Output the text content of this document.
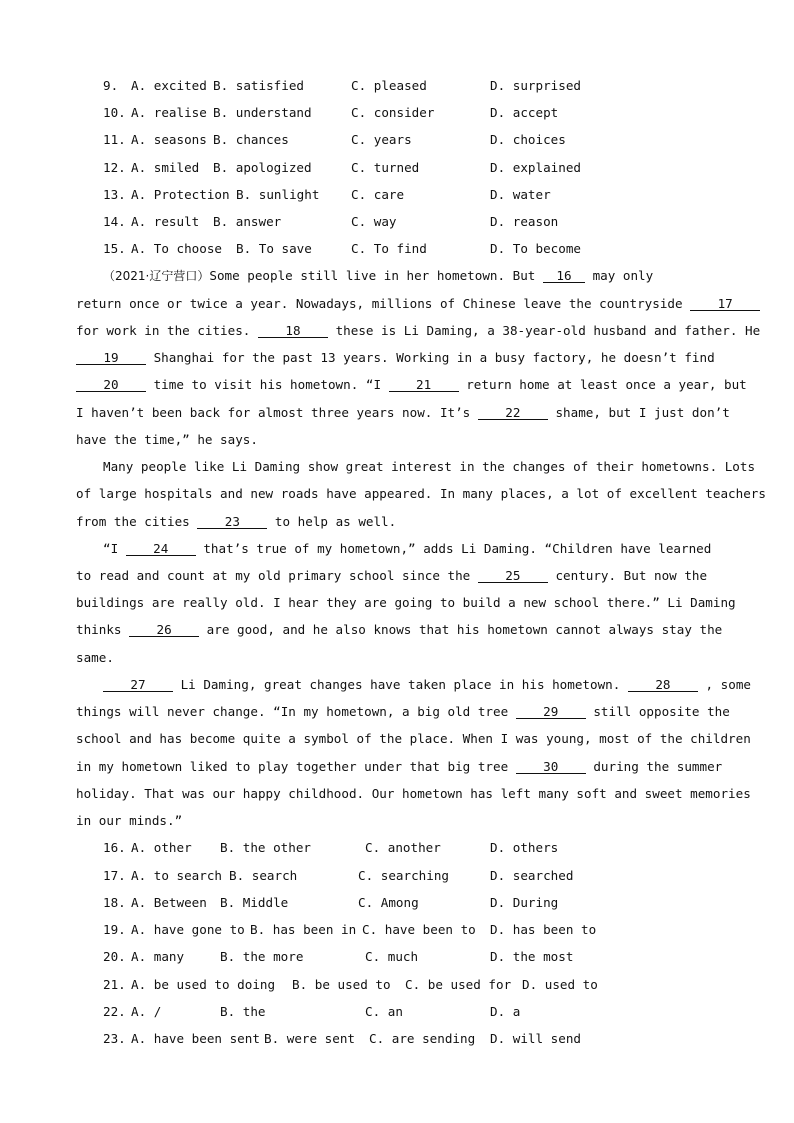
9. A. excited B. satisfied	C. pleased	D. surprised
10. A. realise B. understand	C. consider	D. accept
11. A. seasons B. chances	C. years	D. choices
12. A. smiled B. apologized	C. turned	D. explained
13. A. Protection B. sunlight	C. care	D. water
14. A. result B. answer	C. way	D. reason
15. A. To choose B. To save	C. To find	D. To become
（2021·辽宁营口）Some people still live in her hometown. But 16 may only
return once or twice a year. Nowadays, millions of Chinese leave the countryside 17
for work in the cities. 18 these is Li Daming, a 38-year-old husband and father. He
19 Shanghai for the past 13 years. Working in a busy factory, he doesn’t find
20 time to visit his hometown. “I 21 return home at least once a year, but
I haven’t been back for almost three years now. It’s 22 shame, but I just don’t
have the time,” he says.
Many people like Li Daming show great interest in the changes of their hometowns. Lots
of large hospitals and new roads have appeared. In many places, a lot of excellent teachers
from the cities 23 to help as well.
“I 24 that’s true of my hometown,” adds Li Daming. “Children have learned
to read and count at my old primary school since the 25 century. But now the
buildings are really old. I hear they are going to build a new school there.” Li Daming
thinks 26 are good, and he also knows that his hometown cannot always stay the
same.
27 Li Daming, great changes have taken place in his hometown. 28 , some
things will never change. “In my hometown, a big old tree 29 still opposite the
school and has become quite a symbol of the place. When I was young, most of the children
in my hometown liked to play together under that big tree 30 during the summer
holiday. That was our happy childhood. Our hometown has left many soft and sweet memories
in our minds.”
16. A. other B. the other	C. another	D. others
17. A. to search B. search	C. searching	D. searched
18. A. Between B. Middle	C. Among	D. During
19. A. have gone to B. has been in C. have been to D. has been to
20. A. many	B. the more	C. much	D. the most
21. A. be used to doing B. be used to C. be used for D. used to
22. A. /	B. the	C. an	D. a
23. A. have been sent B. were sent C. are sending D. will send
